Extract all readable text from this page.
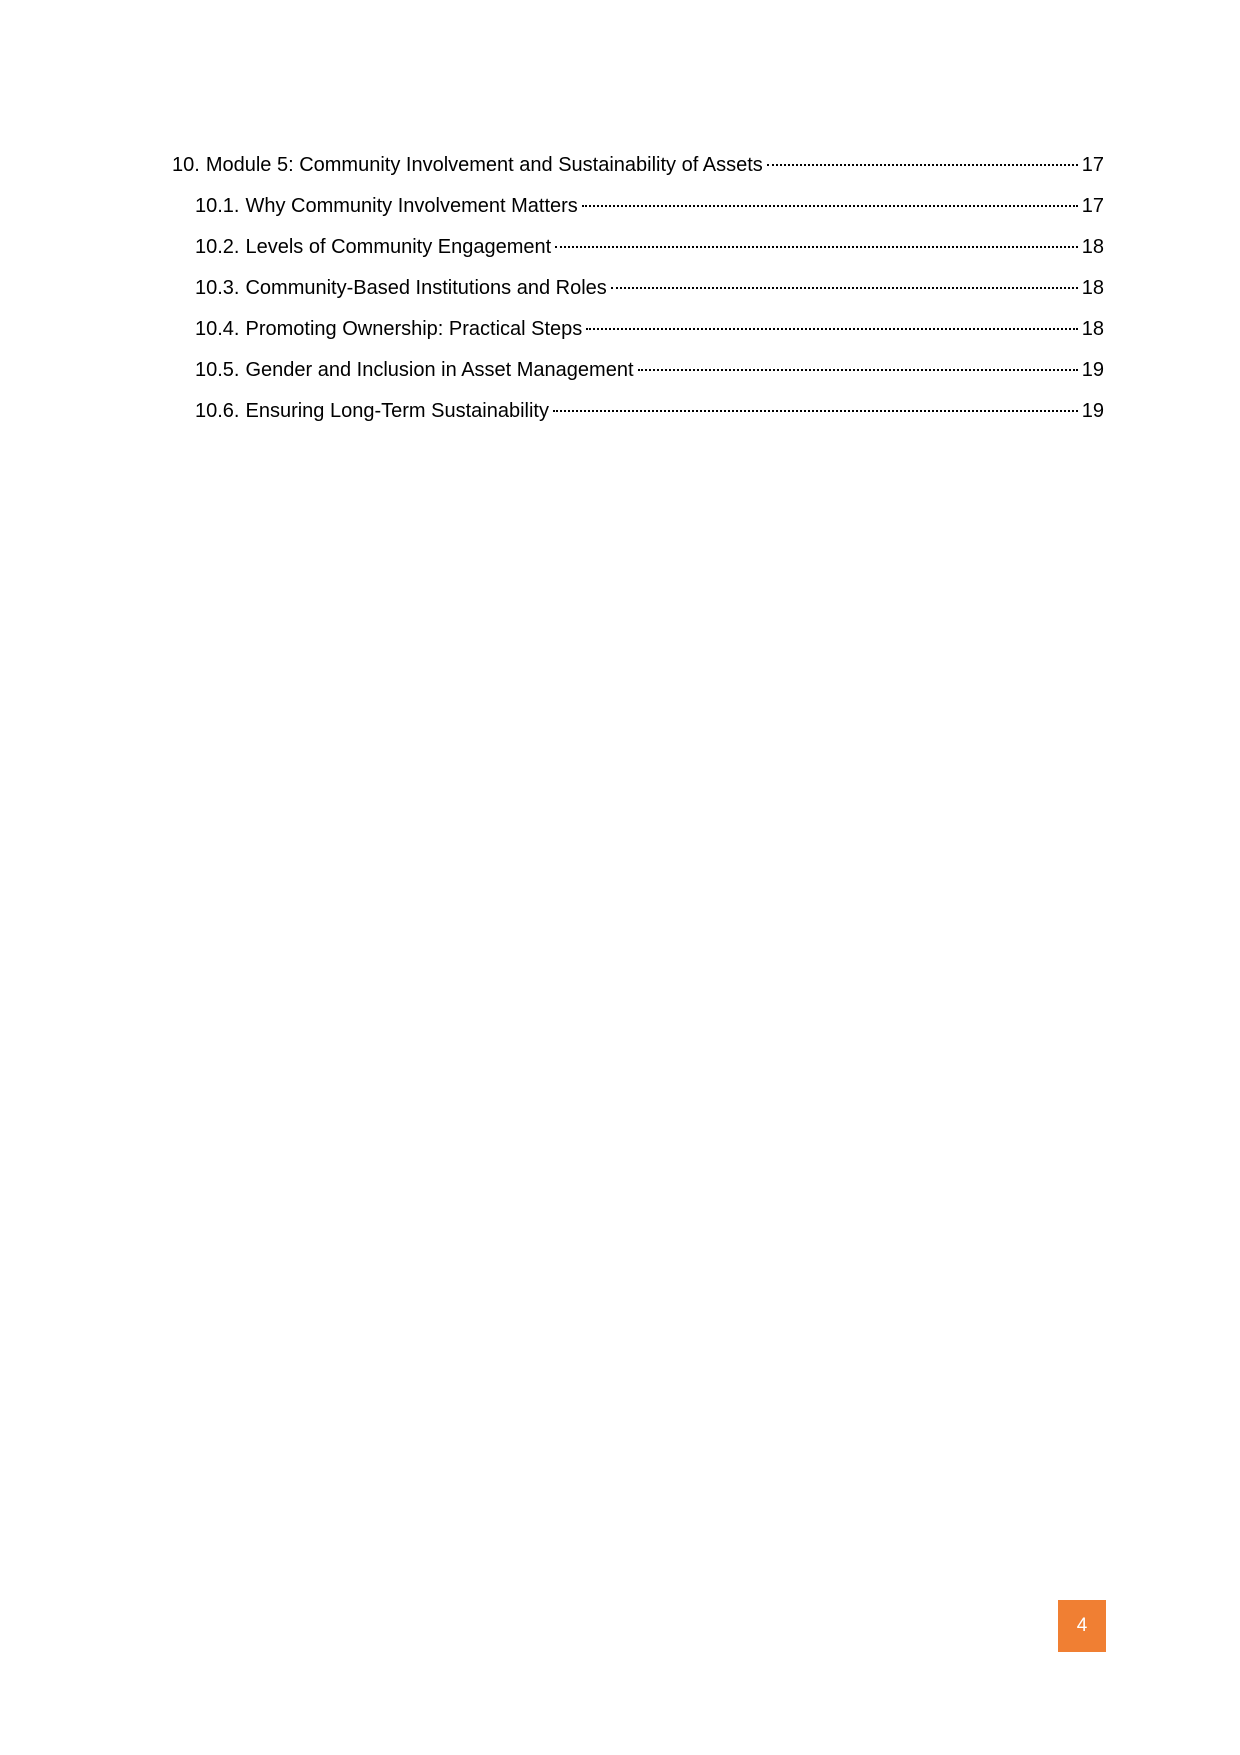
10. Module 5: Community Involvement and Sustainability of Assets	17
10.1. Why Community Involvement Matters	17
10.2. Levels of Community Engagement	18
10.3. Community-Based Institutions and Roles	18
10.4. Promoting Ownership: Practical Steps	18
10.5. Gender and Inclusion in Asset Management	19
10.6. Ensuring Long-Term Sustainability	19
4
